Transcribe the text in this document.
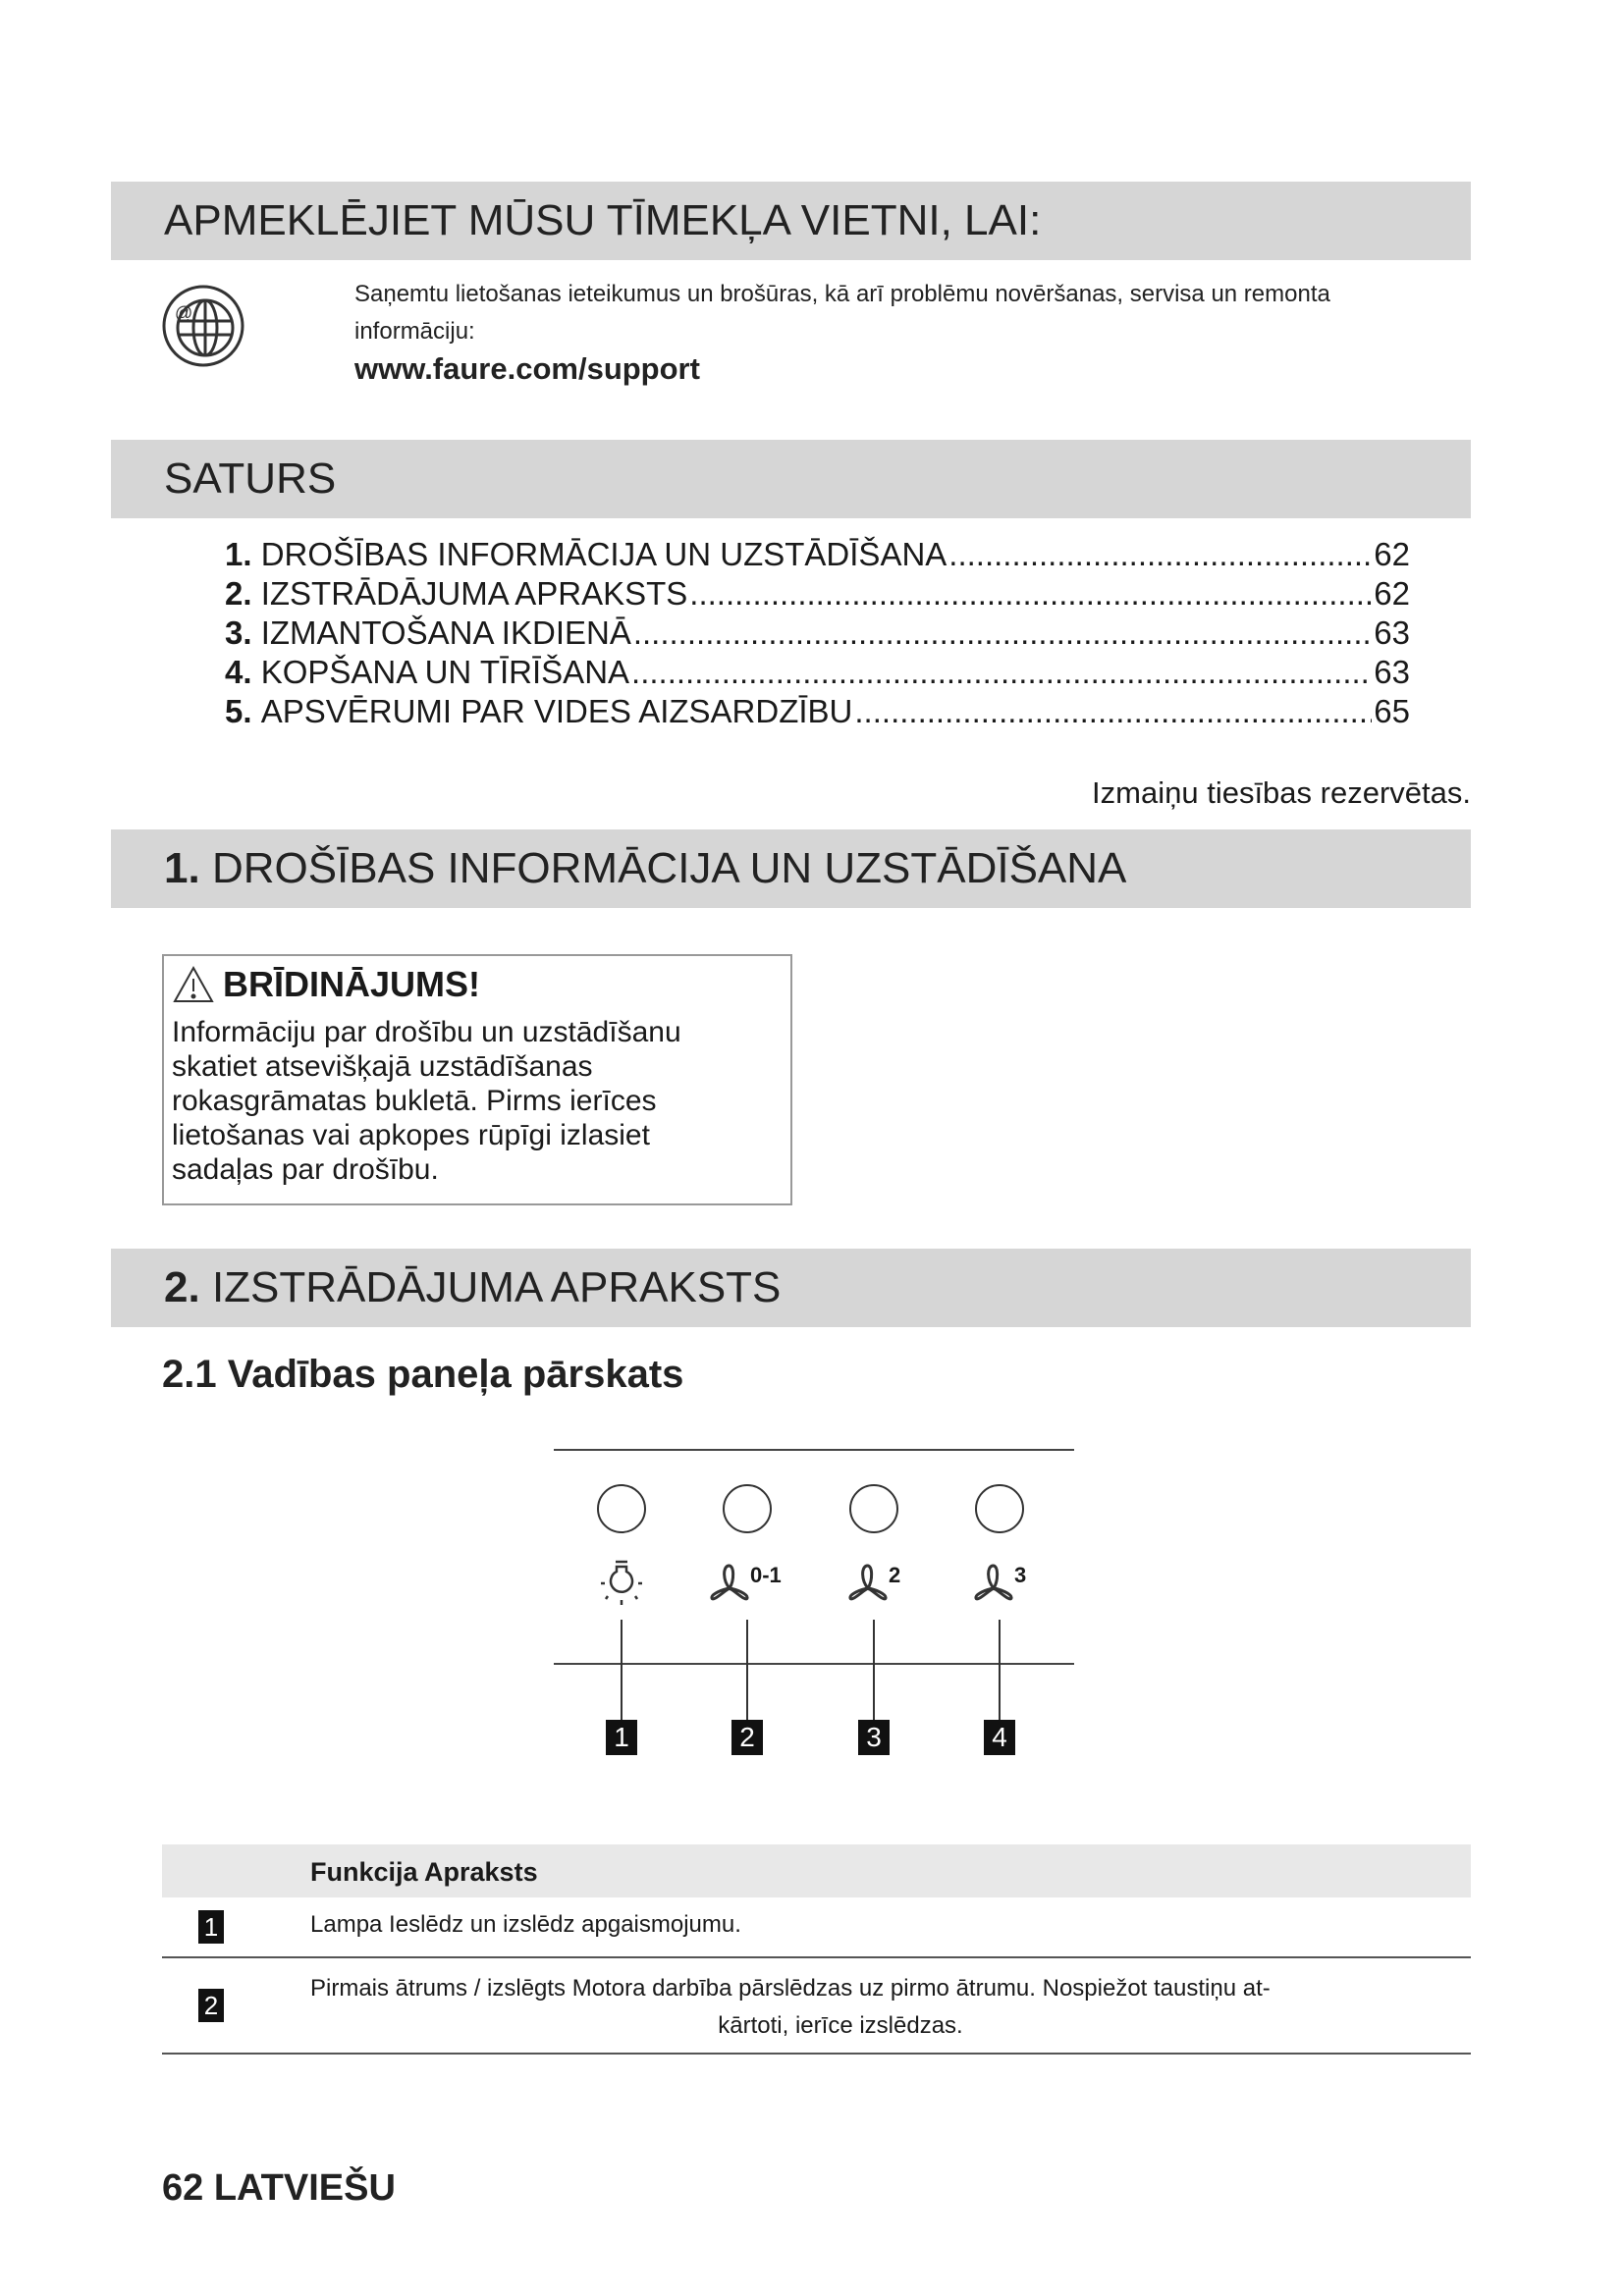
APMEKLĒJIET MŪSU TĪMEKĻA VIETNI, LAI:
@
Saņemtu lietošanas ieteikumus un brošūras, kā arī problēmu novēršanas, servisa un remonta
informāciju:
www.faure.com/support
SATURS
1.
DROŠĪBAS INFORMĀCIJA UN UZSTĀDĪŠANA .....	62
2.
IZSTRĀDĀJUMA APRAKSTS .....	62
3.
IZMANTOŠANA IKDIENĀ .....	63
4.
KOPŠANA UN TĪRĪŠANA .....	63
5.
APSVĒRUMI PAR VIDES AIZSARDZĪBU .....	65
Izmaiņu tiesības rezervētas.
1. DROŠĪBAS INFORMĀCIJA UN UZSTĀDĪŠANA
BRĪDINĀJUMS!
Informāciju par drošību un uzstādīšanu
skatiet atsevišķajā uzstādīšanas
rokasgrāmatas bukletā. Pirms ierīces
lietošanas vai apkopes rūpīgi izlasiet
sadaļas par drošību.
2. IZSTRĀDĀJUMA APRAKSTS
2.1 Vadības paneļa pārskats
0-1	2	3
1	2	3	4
Funkcija Apraksts
1	Lampa Ieslēdz un izslēdz apgaismojumu.
2
Pirmais ātrums / izslēgts Motora darbība pārslēdzas uz pirmo ātrumu. Nospiežot taustiņu at-
kārtoti, ierīce izslēdzas.
62 LATVIEŠU
